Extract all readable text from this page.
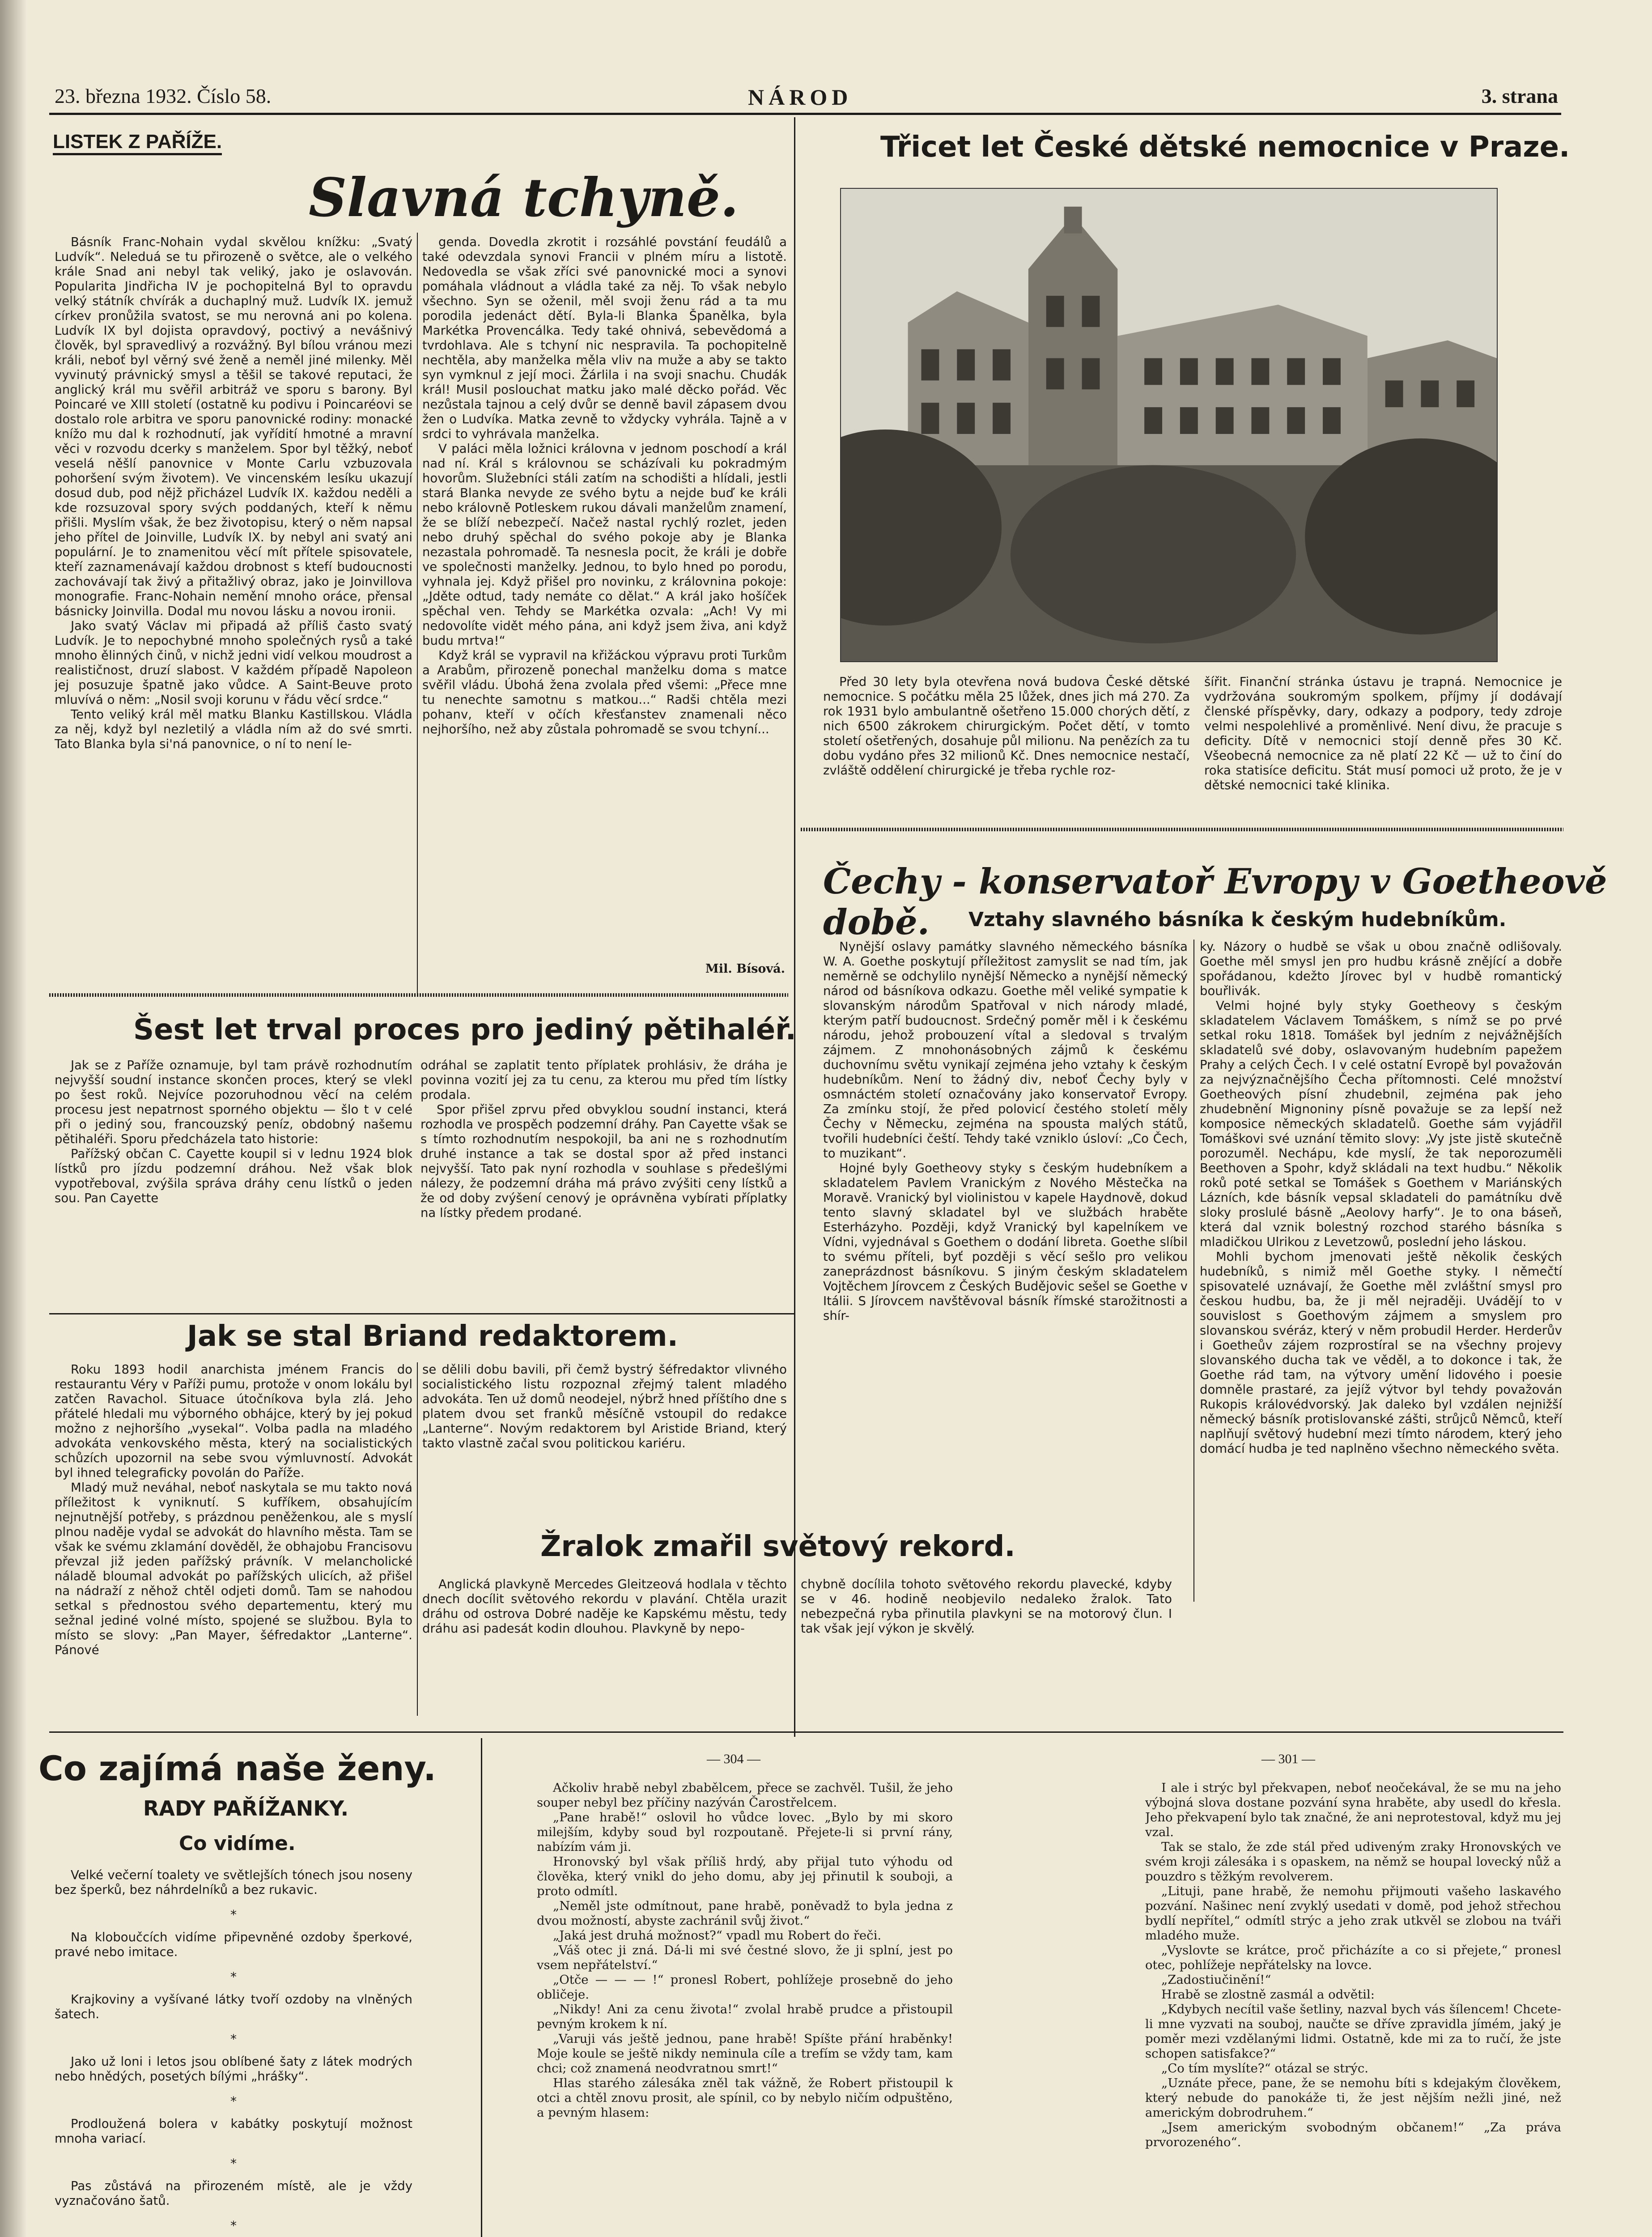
23. března 1932. Číslo 58.	NÁROD	3. strana
LISTEK Z PAŘÍŽE.
Slavná tchyně.

Básník Franc-Nohain vydal skvělou knížku: „Svatý Ludvík“. Neleduá se tu přirozeně o světce, ale o velkého krále Snad ani nebyl tak veliký, jako je oslavován. Popularita Jindřicha IV je pochopitelná Byl to opravdu velký státník chvírák a duchaplný muž. Ludvík IX. jemuž církev pronůžila svatost, se mu nerovná ani po kolena. Ludvík IX byl dojista opravdový, poctivý a nevášnivý člověk, byl spravedlivý a rozvážný. Byl bílou vránou mezi králi, neboť byl věrný své ženě a neměl jiné milenky. Měl vyvinutý právnický smysl a těšil se takové reputaci, že anglický král mu svěřil arbitráž ve sporu s barony. Byl Poincaré ve XIII století (ostatně ku podivu i Poincaréovi se dostalo role arbitra ve sporu panovnické rodiny: monacké knížo mu dal k rozhodnutí, jak vyřídití hmotné a mravní věci v rozvodu dcerky s manželem. Spor byl těžký, neboť veselá něšlí panovnice v Monte Carlu vzbuzovala pohoršení svým životem). Ve vincenském lesíku ukazují dosud dub, pod nějž přicházel Ludvík IX. každou neděli a kde rozsuzoval spory svých poddaných, kteří k němu přišli. Myslím však, že bez životopisu, který o něm napsal jeho přítel de Joinville, Ludvík IX. by nebyl ani svatý ani populární. Je to znamenitou věcí mít přítele spisovatele, kteří zaznamenávají každou drobnost s ktefí budoucnosti zachovávají tak živý a přitažlivý obraz, jako je Joinvillova monografie. Franc-Nohain nemění mnoho oráce, přensal básnicky Joinvilla. Dodal mu novou lásku a novou ironii.

Jako svatý Václav mi připadá až příliš často svatý Ludvík. Je to nepochybné mnoho společných rysů a také mnoho ělinných činů, v nichž jedni vidí velkou moudrost a realističnost, druzí slabost. V každém případě Napoleon jej posuzuje špatně jako vůdce. A Saint-Beuve proto mluvívá o něm: „Nosil svoji korunu v řádu věcí srdce.“

Tento veliký král měl matku Blanku Kastillskou. Vládla za něj, když byl nezletilý a vládla ním až do své smrti. Tato Blanka byla si'ná panovnice, o ní to není le-

genda. Dovedla zkrotit i rozsáhlé povstání feudálů a také odevzdala synovi Francii v plném míru a listotě. Nedovedla se však zříci své panovnické moci a synovi pomáhala vládnout a vládla také za něj. To však nebylo všechno. Syn se oženil, měl svoji ženu rád a ta mu porodila jedenáct dětí. Byla-li Blanka Španělka, byla Markétka Provencálka. Tedy také ohnivá, sebevědomá a tvrdohlava. Ale s tchyní nic nespravila. Ta pochopitelně nechtěla, aby manželka měla vliv na muže a aby se takto syn vymknul z její moci. Žárlila i na svoji snachu. Chudák král! Musil poslouchat matku jako malé děcko pořád. Věc nezůstala tajnou a celý dvůr se denně bavil zápasem dvou žen o Ludvíka. Matka zevně to vždycky vyhrála. Tajně a v srdci to vyhrávala manželka.

V paláci měla ložnici královna v jednom poschodí a král nad ní. Král s královnou se scházívali ku pokradmým hovorům. Služebníci stáli zatím na schodišti a hlídali, jestli stará Blanka nevyde ze svého bytu a nejde buď ke králi nebo královně Potleskem rukou dávali manželům znamení, že se blíží nebezpečí. Načež nastal rychlý rozlet, jeden nebo druhý spěchal do svého pokoje aby je Blanka nezastala pohromadě. Ta nesnesla pocit, že králi je dobře ve společnosti manželky. Jednou, to bylo hned po porodu, vyhnala jej. Když přišel pro novinku, z královnina pokoje: „Jděte odtud, tady nemáte co dělat.“ A král jako hošíček spěchal ven. Tehdy se Markétka ozvala: „Ach! Vy mi nedovolíte vidět mého pána, ani když jsem živa, ani když budu mrtva!“

Když král se vypravil na křižáckou výpravu proti Turkům a Arabům, přirozeně ponechal manželku doma s matce svěřil vládu. Úbohá žena zvolala před všemi: „Přece mne tu nenechte samotnu s matkou...“ Radši chtěla mezi pohanv, kteří v očích křesťanstev znamenali něco nejhoršího, než aby zůstala pohromadě se svou tchyní...

Mil. Bísová.
Třicet let České dětské nemocnice v Praze.

Před 30 lety byla otevřena nová budova České dětské nemocnice. S počátku měla 25 lůžek, dnes jich má 270. Za rok 1931 bylo ambulantně ošetřeno 15.000 chorých dětí, z nich 6500 zákrokem chirurgickým. Počet dětí, v tomto století ošetřených, dosahuje půl milionu. Na penězích za tu dobu vydáno přes 32 milionů Kč. Dnes nemocnice nestačí, zvláště oddělení chirurgické je třeba rychle roz-

šířit. Finanční stránka ústavu je trapná. Nemocnice je vydržována soukromým spolkem, příjmy jí dodávají členské příspěvky, dary, odkazy a podpory, tedy zdroje velmi nespolehlivé a proměnlivé. Není divu, že pracuje s deficity. Dítě v nemocnici stojí denně přes 30 Kč. Všeobecná nemocnice za ně platí 22 Kč — už to činí do roka statisíce deficitu. Stát musí pomoci už proto, že je v dětské nemocnici také klinika.

Čechy - konservatoř Evropy v Goetheově době.	Vztahy slavného básníka k českým hudebníkům.

Nynější oslavy památky slavného německého básníka W. A. Goethe poskytují příležitost zamyslit se nad tím, jak neměrně se odchylilo nynější Německo a nynější německý národ od básníkova odkazu. Goethe měl veliké sympatie k slovanským národům Spatřoval v nich národy mladé, kterým patří budoucnost. Srdečný poměr měl i k českému národu, jehož probouzení vítal a sledoval s trvalým zájmem. Z mnohonásobných zájmů k českému duchovnímu světu vynikají zejména jeho vztahy k českým hudebníkům. Není to žádný div, neboť Čechy byly v osmnáctém století označovány jako konservatoř Evropy. Za zmínku stojí, že před polovicí čestého století měly Čechy v Německu, zejména na spousta malých států, tvořili hudebníci čeští. Tehdy také vzniklo úsloví: „Co Čech, to muzikant“.

Hojné byly Goetheovy styky s českým hudebníkem a skladatelem Pavlem Vranickým z Nového Městečka na Moravě. Vranický byl violinistou v kapele Haydnově, dokud tento slavný skladatel byl ve službách hraběte Esterházyho. Později, když Vranický byl kapelníkem ve Vídni, vyjednával s Goethem o dodání libreta. Goethe slíbil to svému příteli, byť později s věcí sešlo pro velikou zaneprázdnost básníkovu. S jiným českým skladatelem Vojtěchem Jírovcem z Českých Budějovic sešel se Goethe v Itálii. S Jírovcem navštěvoval básník římské starožitnosti a shír-

ky. Názory o hudbě se však u obou značně odlišovaly. Goethe měl smysl jen pro hudbu krásně znějící a dobře spořádanou, kdežto Jírovec byl v hudbě romantický bouřlivák.

Velmi hojné byly styky Goetheovy s českým skladatelem Václavem Tomáškem, s nímž se po prvé setkal roku 1818. Tomášek byl jedním z nejvážnějších skladatelů své doby, oslavovaným hudebním papežem Prahy a celých Čech. I v celé ostatní Evropě byl považován za nejvýznačnějšího Čecha přítomnosti. Celé množství Goetheových písní zhudebnil, zejména pak jeho zhudebnění Mignoniny písně považuje se za lepší než komposice německých skladatelů. Goethe sám vyjádřil Tomáškovi své uznání těmito slovy: „Vy jste jistě skutečně porozuměl. Nechápu, kde myslí, že tak neporozuměli Beethoven a Spohr, když skládali na text hudbu.“ Několik roků poté setkal se Tomášek s Goethem v Mariánských Lázních, kde básník vepsal skladateli do památníku dvě sloky proslulé básně „Aeolovy harfy“. Je to ona báseň, která dal vznik bolestný rozchod starého básníka s mladičkou Ulrikou z Levetzowů, poslední jeho láskou.

Mohli bychom jmenovati ještě několik českých hudebníků, s nimiž měl Goethe styky. I němečtí spisovatelé uznávají, že Goethe měl zvláštní smysl pro českou hudbu, ba, že ji měl nejraději. Uvádějí to v souvislost s Goethovým zájmem a smyslem pro slovanskou svéráz, který v něm probudil Herder. Herderův i Goetheův zájem rozprostíral se na všechny projevy slovanského ducha tak ve věděl, a to dokonce i tak, že Goethe rád tam, na výtvory umění lidového i poesie domněle prastaré, za jejíž výtvor byl tehdy považován Rukopis královédvorský. Jak daleko byl vzdálen nejnižší německý básník protislovanské zášti, strůjců Němců, kteří naplňují světový hudební mezi tímto národem, který jeho domácí hudba je ted naplněno všechno německého světa.

Šest let trval proces pro jediný pětihaléř.

Jak se z Paříže oznamuje, byl tam právě rozhodnutím nejvyšší soudní instance skončen proces, který se vlekl po šest roků. Nejvíce pozoruhodnou věcí na celém procesu jest nepatrnost sporného objektu — šlo t v celé při o jediný sou, francouzský peníz, obdobný našemu pětihaléři. Sporu předcházela tato historie:

Pařížský občan C. Cayette koupil si v lednu 1924 blok lístků pro jízdu podzemní dráhou. Než však blok vypotřeboval, zvýšila správa dráhy cenu lístků o jeden sou. Pan Cayette

odráhal se zaplatit tento příplatek prohlásiv, že dráha je povinna vozití jej za tu cenu, za kterou mu před tím lístky prodala.

Spor přišel zprvu před obvyklou soudní instanci, která rozhodla ve prospěch podzemní dráhy. Pan Cayette však se s tímto rozhodnutím nespokojil, ba ani ne s rozhodnutím druhé instance a tak se dostal spor až před instanci nejvyšší. Tato pak nyní rozhodla v souhlase s předešlými nálezy, že podzemní dráha má právo zvýšiti ceny lístků a že od doby zvýšení cenový je oprávněna vybírati příplatky na lístky předem prodané.

Jak se stal Briand redaktorem.

Roku 1893 hodil anarchista jménem Francis do restaurantu Véry v Paříži pumu, protože v onom lokálu byl zatčen Ravachol. Situace útočníkova byla zlá. Jeho přátelé hledali mu výborného obhájce, který by jej pokud možno z nejhoršího „vysekal“. Volba padla na mladého advokáta venkovského města, který na socialistických schůzích upozornil na sebe svou výmluvností. Advokát byl ihned telegraficky povolán do Paříže.

Mladý muž neváhal, neboť naskytala se mu takto nová příležitost k vyniknutí. S kufříkem, obsahujícím nejnutnější potřeby, s prázdnou peněženkou, ale s myslí plnou naděje vydal se advokát do hlavního města. Tam se však ke svému zklamání dověděl, že obhajobu Francisovu převzal již jeden pařížský právník. V melancholické náladě bloumal advokát po pařížských ulicích, až přišel na nádraží z něhož chtěl odjeti domů. Tam se nahodou setkal s přednostou svého departementu, který mu sežnal jediné volné místo, spojené se službou. Byla to místo se slovy: „Pan Mayer, šéfredaktor „Lanterne“. Pánové

se dělili dobu bavili, při čemž bystrý šéfredaktor vlivného socialistického listu rozpoznal zřejmý talent mladého advokáta. Ten už domů neodejel, nýbrž hned příštího dne s platem dvou set franků měsíčně vstoupil do redakce „Lanterne“. Novým redaktorem byl Aristide Briand, který takto vlastně začal svou politickou kariéru.

Žralok zmařil světový rekord.

Anglická plavkyně Mercedes Gleitzeová hodlala v těchto dnech docílit světového rekordu v plavání. Chtěla urazit dráhu od ostrova Dobré naděje ke Kapskému městu, tedy dráhu asi padesát kodin dlouhou. Plavkyně by nepo-

chybně docílila tohoto světového rekordu plavecké, kdyby se v 46. hodině neobjevilo nedaleko žralok. Tato nebezpečná ryba přinutila plavkyni se na motorový člun. I tak však její výkon je skvělý.

Co zajímá naše ženy.
RADY PAŘÍŽANKY.
Co vidíme.

Velké večerní toalety ve světlejších tónech jsou noseny bez šperků, bez náhrdelníků a bez rukavic.

*

Na kloboučcích vidíme připevněné ozdoby šperkové, pravé nebo imitace.

*

Krajkoviny a vyšívané látky tvoří ozdoby na vlněných šatech.

*

Jako už loni i letos jsou oblíbené šaty z látek modrých nebo hnědých, posetých bílými „hrášky“.

*

Prodloužená bolera v kabátky poskytují možnost mnoha variací.

*

Pas zůstává na přirozeném místě, ale je vždy vyznačováno šatů.

*

— 304 —	— 301 —

Ačkoliv hrabě nebyl zbabělcem, přece se zachvěl. Tušil, že jeho souper nebyl bez příčiny nazýván Čarostřelcem.

„Pane hrabě!“ oslovil ho vůdce lovec. „Bylo by mi skoro milejším, kdyby soud byl rozpoutaně. Přejete-li si první rány, nabízím vám ji.

Hronovský byl však příliš hrdý, aby přijal tuto výhodu od člověka, který vnikl do jeho domu, aby jej přinutil k souboji, a proto odmítl.

„Neměl jste odmítnout, pane hrabě, poněvadž to byla jedna z dvou možností, abyste zachránil svůj život.“

„Jaká jest druhá možnost?“ vpadl mu Robert do řeči.

„Váš otec ji zná. Dá-li mi své čestné slovo, že ji splní, jest po vsem nepřátelství.“

„Otče — — — !“ pronesl Robert, pohlížeje prosebně do jeho obličeje.

„Nikdy! Ani za cenu života!“ zvolal hrabě prudce a přistoupil pevným krokem k ní.

„Varuji vás ještě jednou, pane hrabě! Spíšte přání hraběnky! Moje koule se ještě nikdy neminula cíle a trefím se vždy tam, kam chci; což znamená neodvratnou smrt!“

Hlas starého zálesáka zněl tak vážně, že Robert přistoupil k otci a chtěl znovu prosit, ale spínil, co by nebylo ničím odpuštěno, a pevným hlasem:

I ale i strýc byl překvapen, neboť neočekával, že se mu na jeho výbojná slova dostane pozvání syna hraběte, aby usedl do křesla. Jeho překvapení bylo tak značné, že ani neprotestoval, když mu jej vzal.

Tak se stalo, že zde stál před udiveným zraky Hronovských ve svém kroji zálesáka i s opaskem, na němž se houpal lovecký nůž a pouzdro s těžkým revolverem.

„Lituji, pane hrabě, že nemohu přijmouti vašeho laskavého pozvání. Našinec není zvyklý usedati v domě, pod jehož střechou bydlí nepřítel,“ odmítl strýc a jeho zrak utkvěl se zlobou na tváři mladého muže.

„Vyslovte se krátce, proč přicházíte a co si přejete,“ pronesl otec, pohlížeje nepřátelsky na lovce.

„Zadostiučinění!“

Hrabě se zlostně zasmál a odvětil:

„Kdybych necítil vaše šetliny, nazval bych vás šílencem! Chcete-li mne vyzvati na souboj, naučte se dříve zpravidla jímém, jaký je poměr mezi vzdělanými lidmi. Ostatně, kde mi za to ručí, že jste schopen satisfakce?“

„Co tím myslíte?“ otázal se strýc.

„Uznáte přece, pane, že se nemohu bíti s kdejakým člověkem, který nebude do panokáže ti, že jest nějším nežli jiné, než americkým dobrodruhem.“

„Jsem americkým svobodným občanem!“ „Za práva prvorozeného“.
